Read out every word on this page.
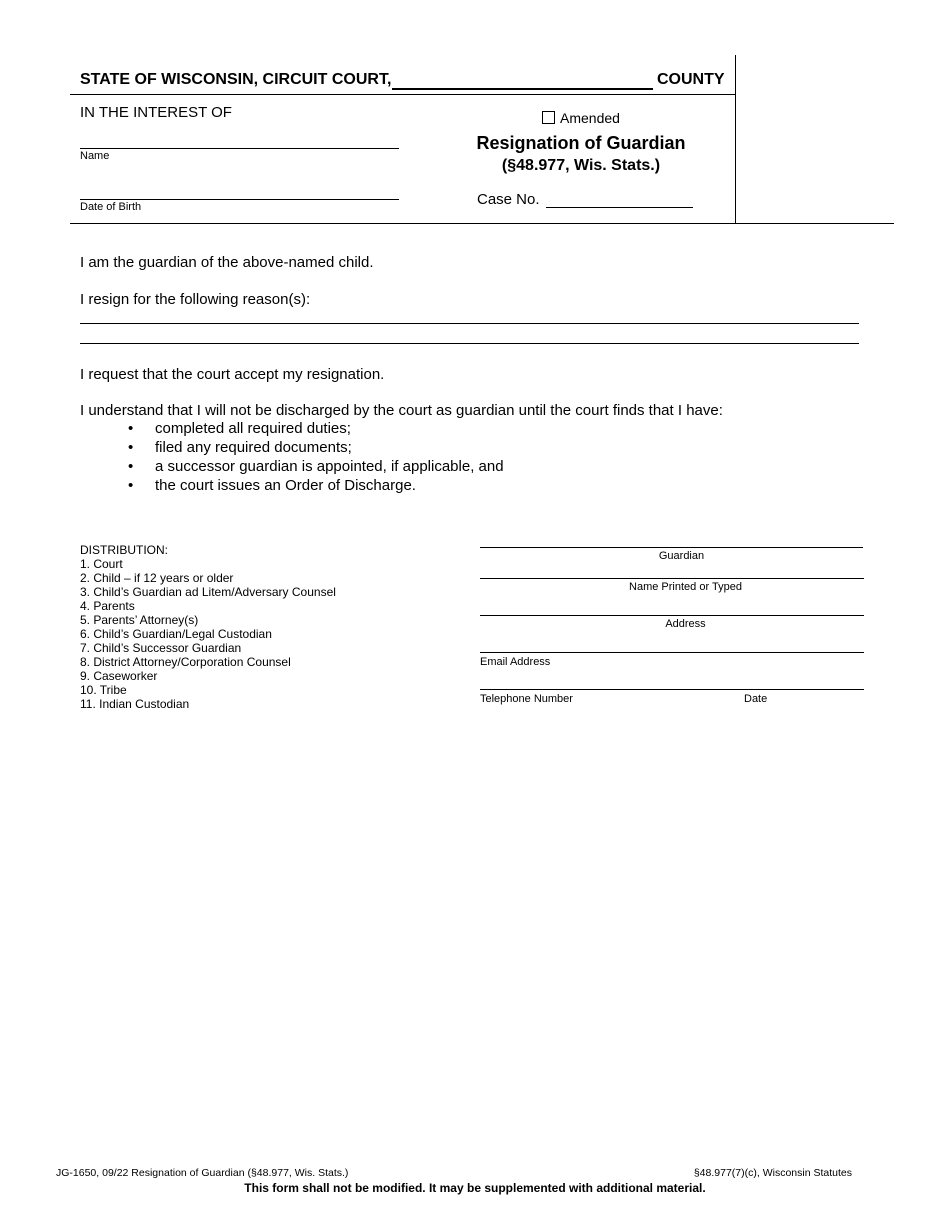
STATE OF WISCONSIN, CIRCUIT COURT,	COUNTY
IN THE INTEREST OF
Name
Date of Birth
Amended
Resignation of Guardian
(§48.977, Wis. Stats.)
Case No.
I am the guardian of the above-named child.
I resign for the following reason(s):
I request that the court accept my resignation.
I understand that I will not be discharged by the court as guardian until the court finds that I have:
• completed all required duties;
• filed any required documents;
• a successor guardian is appointed, if applicable, and
• the court issues an Order of Discharge.
DISTRIBUTION:
1. Court
2. Child – if 12 years or older
3. Child’s Guardian ad Litem/Adversary Counsel
4. Parents
5. Parents’ Attorney(s)
6. Child’s Guardian/Legal Custodian
7. Child’s Successor Guardian
8. District Attorney/Corporation Counsel
9. Caseworker
10. Tribe
11. Indian Custodian
Guardian
Name Printed or Typed
Address
Email Address
Telephone Number	Date
JG-1650, 09/22 Resignation of Guardian (§48.977, Wis. Stats.)	§48.977(7)(c), Wisconsin Statutes
This form shall not be modified. It may be supplemented with additional material.
